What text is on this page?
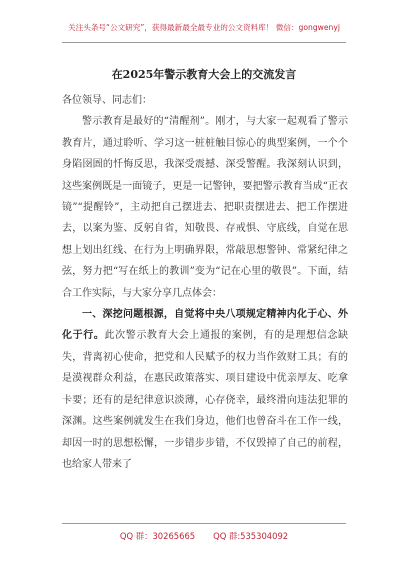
关注头条号“公文研究”，获得最新最全最专业的公文资料库！ 微信：gongwenyj
在2025年警示教育大会上的交流发言

各位领导、同志们：

警示教育是最好的“清醒剂”。刚才，与大家一起观看了警示教育片，通过聆听、学习这一桩桩触目惊心的典型案例，一个个身陷囹圄的忏悔反思，我深受震撼、深受警醒。我深刻认识到，这些案例既是一面镜子，更是一记警钟，要把警示教育当成“正衣镜”“提醒铃”，主动把自己摆进去、把职责摆进去、把工作摆进去，以案为鉴、反躬自省，知敬畏、存戒惧、守底线，自觉在思想上划出红线、在行为上明确界限，常敲思想警钟、常紧纪律之弦，努力把“写在纸上的教训”变为“记在心里的敬畏”。下面，结合工作实际，与大家分享几点体会：

一、深挖问题根源，自觉将中央八项规定精神内化于心、外化于行。此次警示教育大会上通报的案例，有的是理想信念缺失，背离初心使命，把党和人民赋予的权力当作敛财工具；有的是漠视群众利益，在惠民政策落实、项目建设中优亲厚友、吃拿卡要；还有的是纪律意识淡薄，心存侥幸，最终滑向违法犯罪的深渊。这些案例就发生在我们身边，他们也曾奋斗在工作一线，却因一时的思想松懈，一步错步步错，不仅毁掉了自己的前程，也给家人带来了

QQ 群：30265665 QQ 群:535304092
